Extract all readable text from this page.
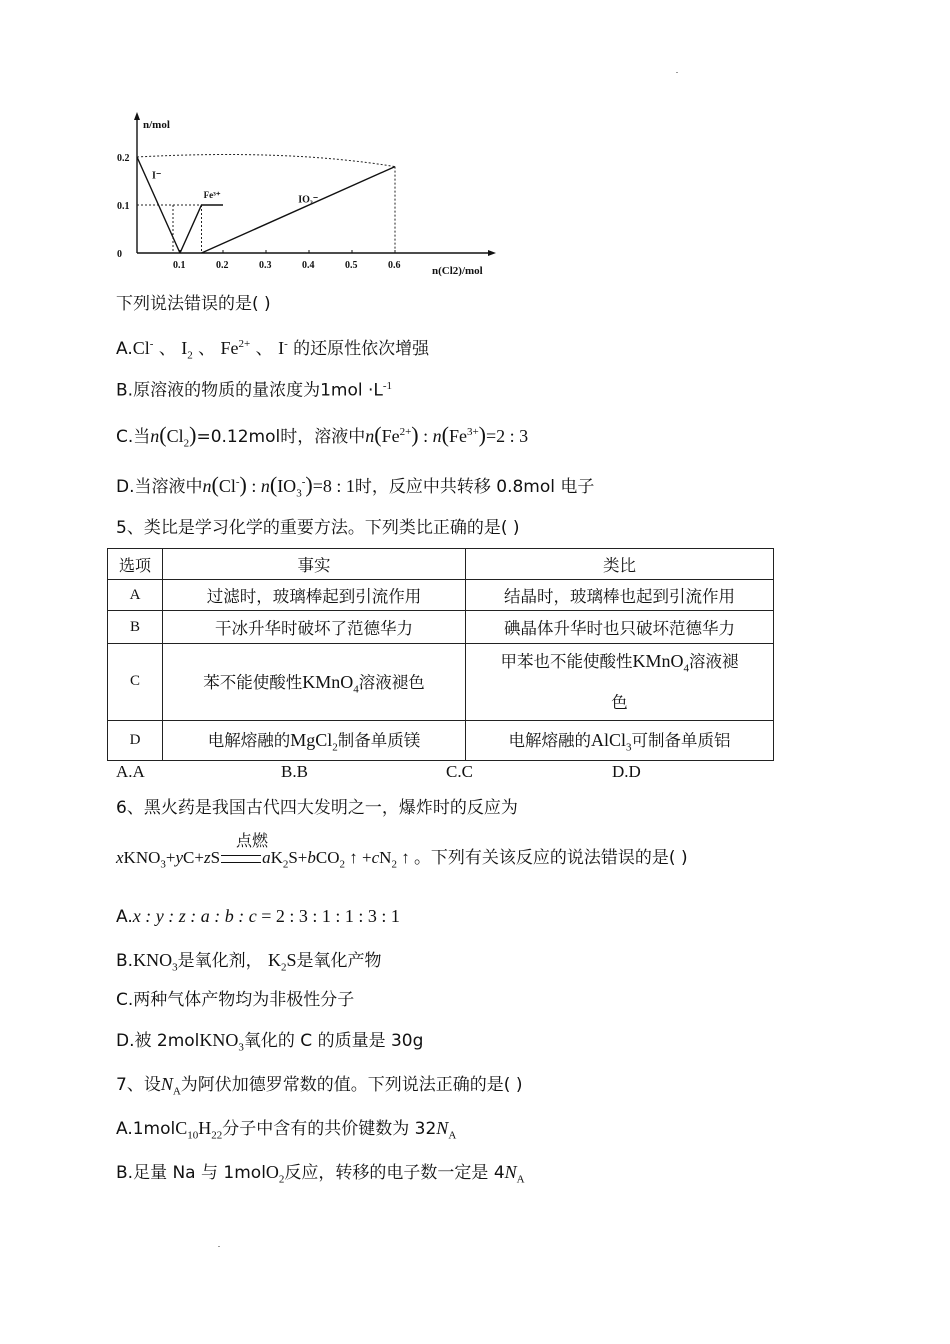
n/mol
n(Cl2)/mol
0.1	0.2	0.3	0.4	0.5	0.6
0
0.1
0.2
I⁻
Fe³⁺	IO₃⁻
下列说法错误的是( )
A.Cl- 、 $I_2$ 、 $Fe^{2+}$ 、 I- 的还原性依次增强
B.原溶液的物质的量浓度为$1mol \cdot L^{-1}$
C.当$n(Cl_2)=0.12mol$时，溶液中$n(Fe^{2+})$ : $n(Fe^{3+})=2$ : 3
D.当溶液中n(Cl-) : $n(IO_3^-)=8$ : 1时，反应中共转移 0.8mol 电子
5、类比是学习化学的重要方法。下列类比正确的是( )
选项	事实	类比
A	过滤时，玻璃棒起到引流作用	结晶时，玻璃棒也起到引流作用
B	干冰升华时破坏了范德华力	碘晶体升华时也只破坏范德华力
C	苯不能使酸性KMnO$_4$溶液褪色	甲苯也不能使酸性KMnO$_4$溶液褪
色
D	电解熔融的MgCl$_2$制备单质镁	电解熔融的AlCl$_3$可制备单质铝
A.A	B.B	C.C	D.D
6、黑火药是我国古代四大发明之一，爆炸时的反应为
点燃
xKNO$_3$+yC+zS $aK_2S+bCO_2$ ↑ $+cN_2$ ↑ 。下列有关该反应的说法错误的是( )
A.x : y : z : a : b : c = 2 : 3 : 1 : 1 : 3 : 1
$B.KNO_3$是氧化剂， $K_2S$是氧化产物
C.两种气体产物均为非极性分子
D.被 2molKNO$_3$氧化的 C 的质量是 30g
7、设$N_A$为阿伏加德罗常数的值。下列说法正确的是( )
$A.1molC_{10}H_{22}$分子中含有的共价键数为 $32N_A$
B.足量 Na 与 1molO$_2$反应，转移的电子数一定是 $4N_A$
